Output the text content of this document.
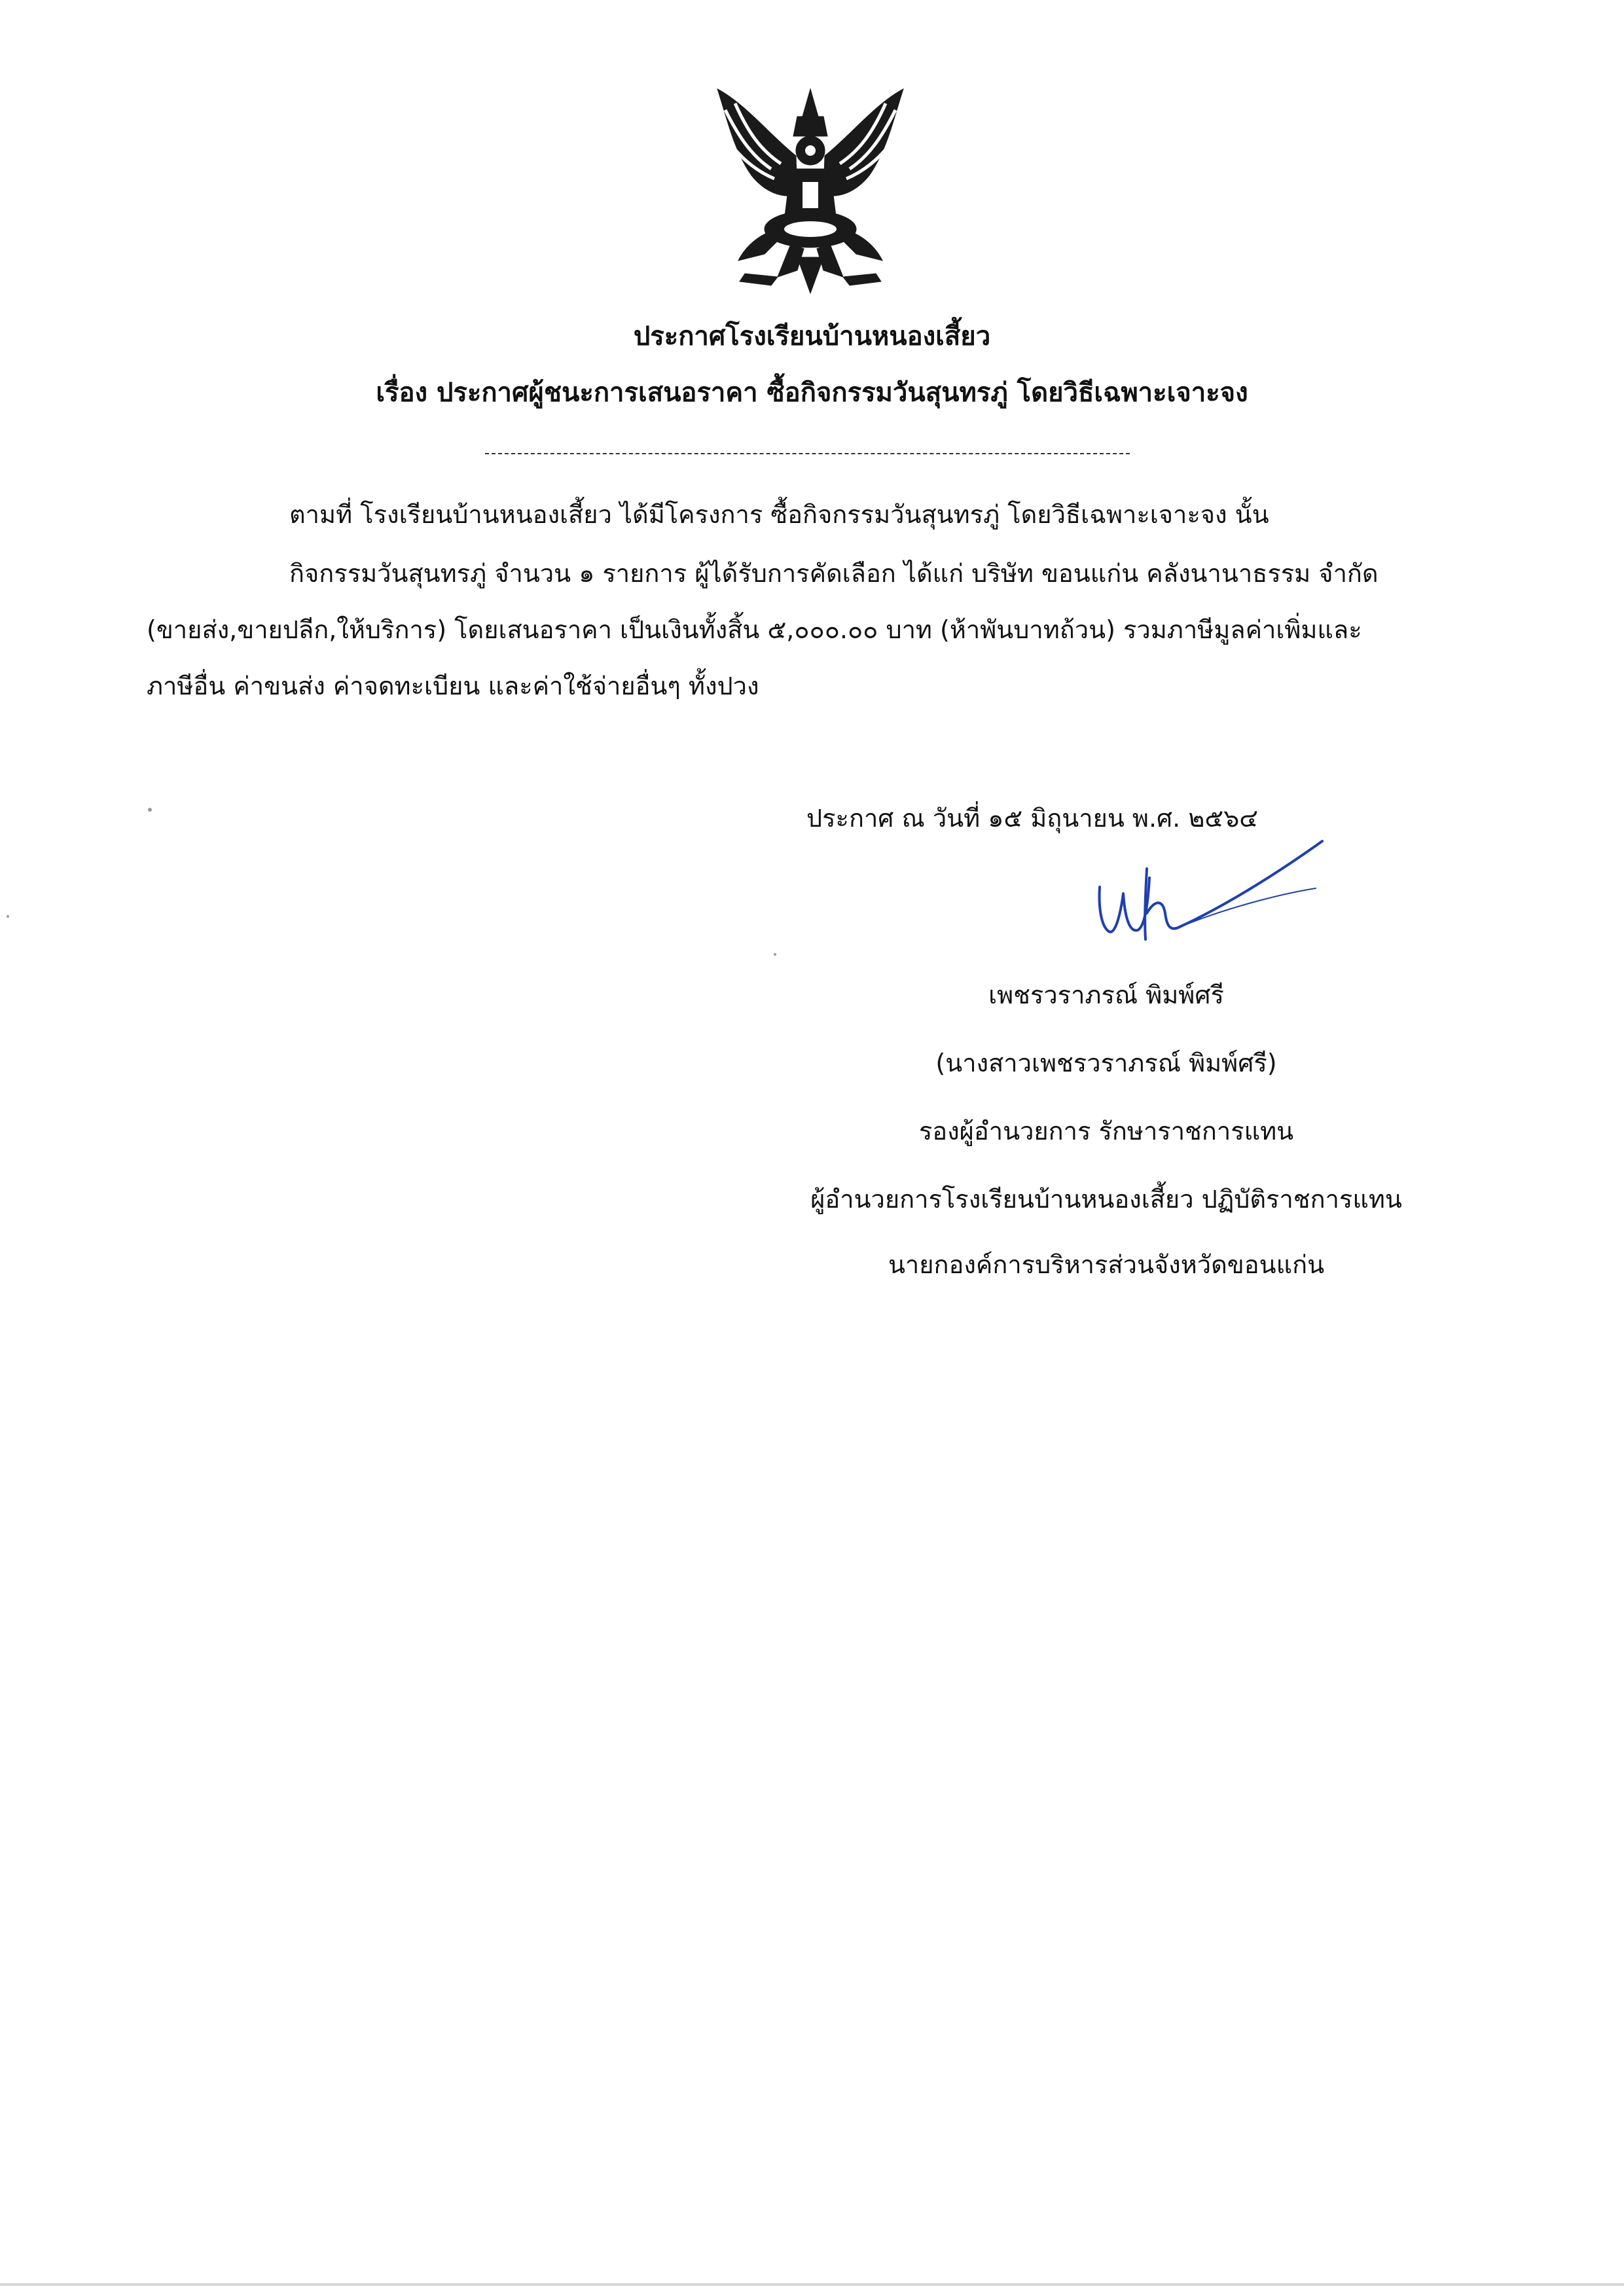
ประกาศโรงเรียนบ้านหนองเสี้ยว
เรื่อง ประกาศผู้ชนะการเสนอราคา ซื้อกิจกรรมวันสุนทรภู่ โดยวิธีเฉพาะเจาะจง
ตามที่ โรงเรียนบ้านหนองเสี้ยว ได้มีโครงการ ซื้อกิจกรรมวันสุนทรภู่ โดยวิธีเฉพาะเจาะจง นั้น
กิจกรรมวันสุนทรภู่ จำนวน ๑ รายการ ผู้ได้รับการคัดเลือก ได้แก่ บริษัท ขอนแก่น คลังนานาธรรม จำกัด
(ขายส่ง,ขายปลีก,ให้บริการ) โดยเสนอราคา เป็นเงินทั้งสิ้น ๕,๐๐๐.๐๐ บาท (ห้าพันบาทถ้วน) รวมภาษีมูลค่าเพิ่มและ
ภาษีอื่น ค่าขนส่ง ค่าจดทะเบียน และค่าใช้จ่ายอื่นๆ ทั้งปวง
ประกาศ ณ วันที่ ๑๕ มิถุนายน พ.ศ. ๒๕๖๔
เพชรวราภรณ์ พิมพ์ศรี
(นางสาวเพชรวราภรณ์ พิมพ์ศรี)
รองผู้อำนวยการ รักษาราชการแทน
ผู้อำนวยการโรงเรียนบ้านหนองเสี้ยว ปฏิบัติราชการแทน
นายกองค์การบริหารส่วนจังหวัดขอนแก่น
